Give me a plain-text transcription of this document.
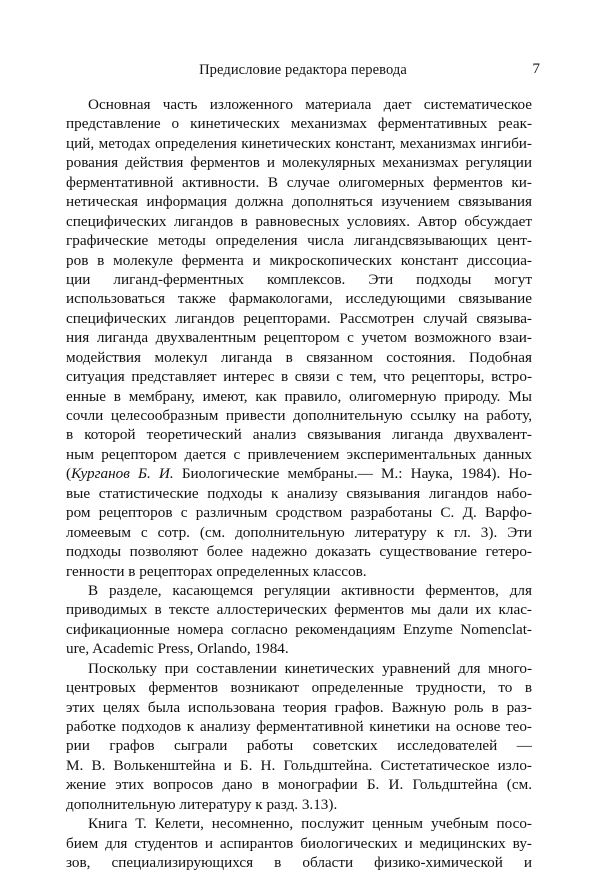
Предисловие редактора перевода	7
Основная часть изложенного материала дает систематическое
представление о кинетических механизмах ферментативных реак-
ций, методах определения кинетических констант, механизмах ингиби-
рования действия ферментов и молекулярных механизмах регуляции
ферментативной активности. В случае олигомерных ферментов ки-
нетическая информация должна дополняться изучением связывания
специфических лигандов в равновесных условиях. Автор обсуждает
графические методы определения числа лигандсвязывающих цент-
ров в молекуле фермента и микроскопических констант диссоциа-
ции лиганд-ферментных комплексов. Эти подходы могут
использоваться также фармакологами, исследующими связывание
специфических лигандов рецепторами. Рассмотрен случай связыва-
ния лиганда двухвалентным рецептором с учетом возможного взаи-
модействия молекул лиганда в связанном состояния. Подобная
ситуация представляет интерес в связи с тем, что рецепторы, встро-
енные в мембрану, имеют, как правило, олигомерную природу. Мы
сочли целесообразным привести дополнительную ссылку на работу,
в которой теоретический анализ связывания лиганда двухвалент-
ным рецептором дается с привлечением экспериментальных данных
(Курганов Б. И. Биологические мембраны.— М.: Наука, 1984). Но-
вые статистические подходы к анализу связывания лигандов набо-
ром рецепторов с различным сродством разработаны С. Д. Варфо-
ломеевым с сотр. (см. дополнительную литературу к гл. 3). Эти
подходы позволяют более надежно доказать существование гетеро-
генности в рецепторах определенных классов.
В разделе, касающемся регуляции активности ферментов, для
приводимых в тексте аллостерических ферментов мы дали их клас-
сификационные номера согласно рекомендациям Enzyme Nomenclat-
ure, Academic Press, Orlando, 1984.
Поскольку при составлении кинетических уравнений для много-
центровых ферментов возникают определенные трудности, то в
этих целях была использована теория графов. Важную роль в раз-
работке подходов к анализу ферментативной кинетики на основе тео-
рии графов сыграли работы советских исследователей —
М. В. Волькенштейна и Б. Н. Гольдштейна. Систетатическое изло-
жение этих вопросов дано в монографии Б. И. Гольдштейна (см.
дополнительную литературу к разд. 3.13).
Книга Т. Келети, несомненно, послужит ценным учебным посо-
бием для студентов и аспирантов биологических и медицинских ву-
зов, специализирующихся в области физико-химической и
